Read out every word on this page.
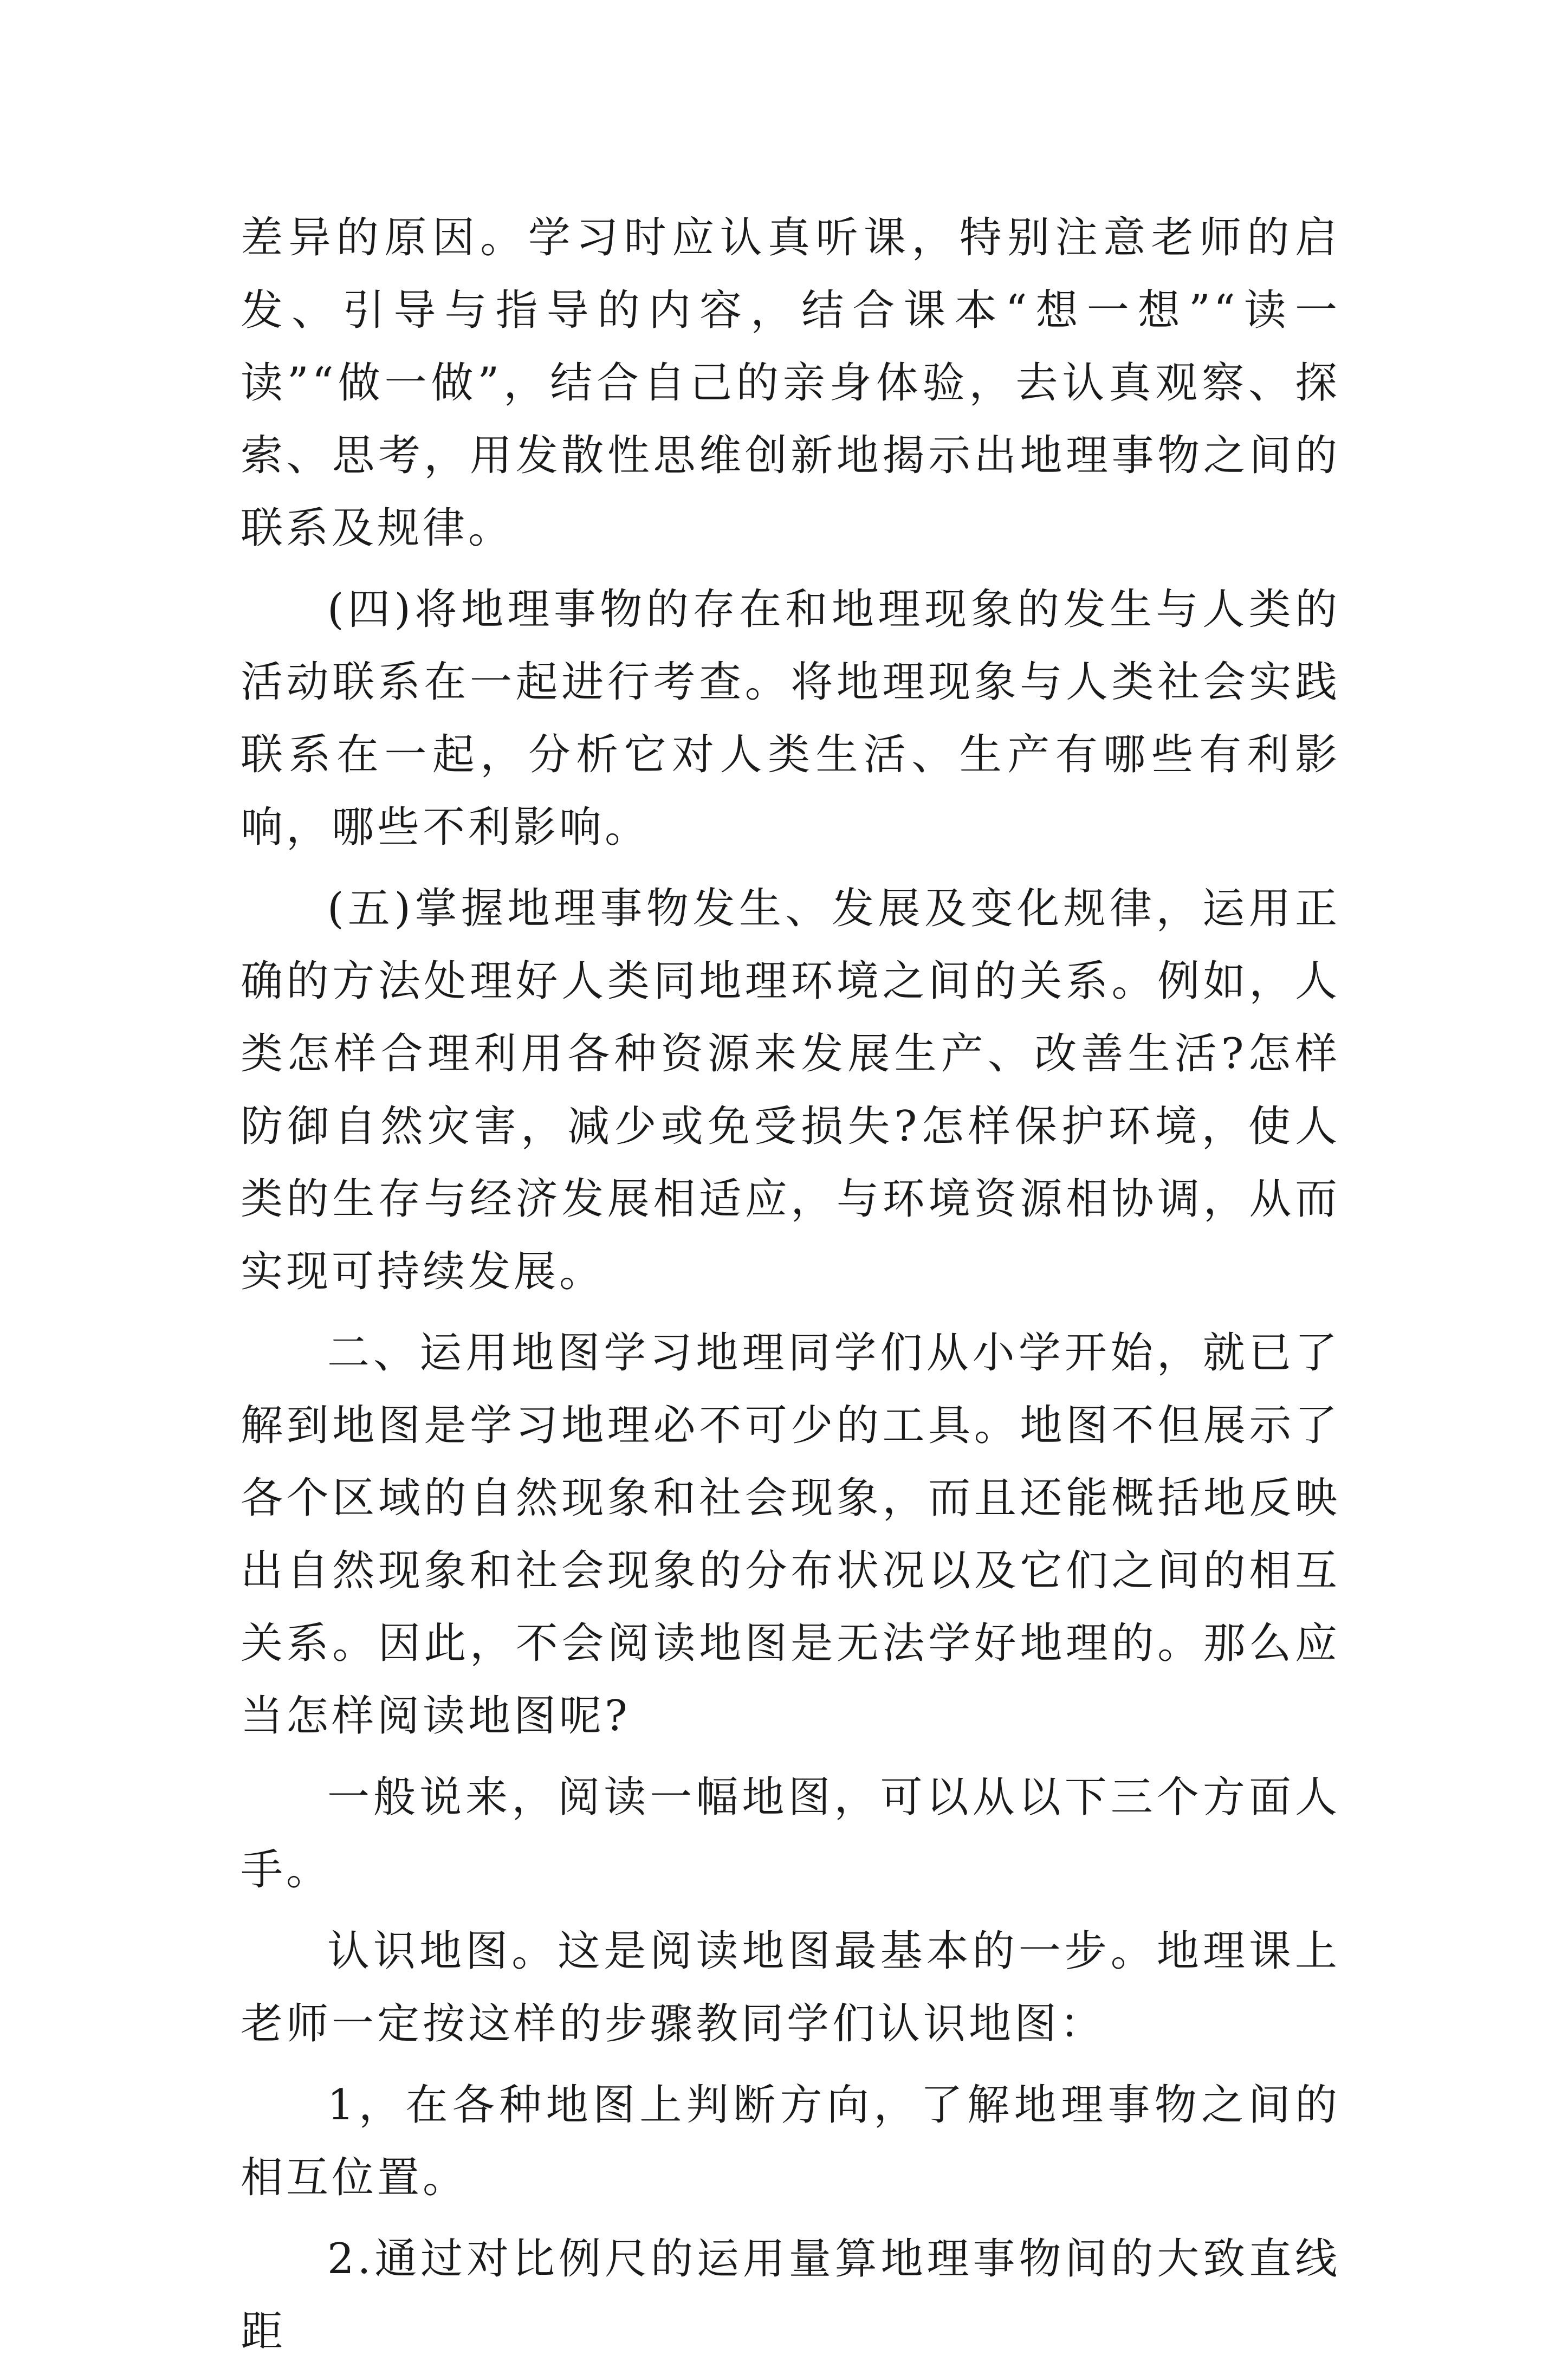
差异的原因。学习时应认真听课，特别注意老师的启发、引导与指导的内容，结合课本“想一想”“读一读”“做一做”，结合自己的亲身体验，去认真观察、探索、思考，用发散性思维创新地揭示出地理事物之间的联系及规律。

(四)将地理事物的存在和地理现象的发生与人类的活动联系在一起进行考查。将地理现象与人类社会实践联系在一起，分析它对人类生活、生产有哪些有利影响，哪些不利影响。

(五)掌握地理事物发生、发展及变化规律，运用正确的方法处理好人类同地理环境之间的关系。例如，人类怎样合理利用各种资源来发展生产、改善生活?怎样防御自然灾害，减少或免受损失?怎样保护环境，使人类的生存与经济发展相适应，与环境资源相协调，从而实现可持续发展。

二、运用地图学习地理同学们从小学开始，就已了解到地图是学习地理必不可少的工具。地图不但展示了各个区域的自然现象和社会现象，而且还能概括地反映出自然现象和社会现象的分布状况以及它们之间的相互关系。因此，不会阅读地图是无法学好地理的。那么应当怎样阅读地图呢?

一般说来，阅读一幅地图，可以从以下三个方面人手。

认识地图。这是阅读地图最基本的一步。地理课上老师一定按这样的步骤教同学们认识地图：

1，在各种地图上判断方向，了解地理事物之间的相互位置。

2.通过对比例尺的运用量算地理事物间的大致直线距
